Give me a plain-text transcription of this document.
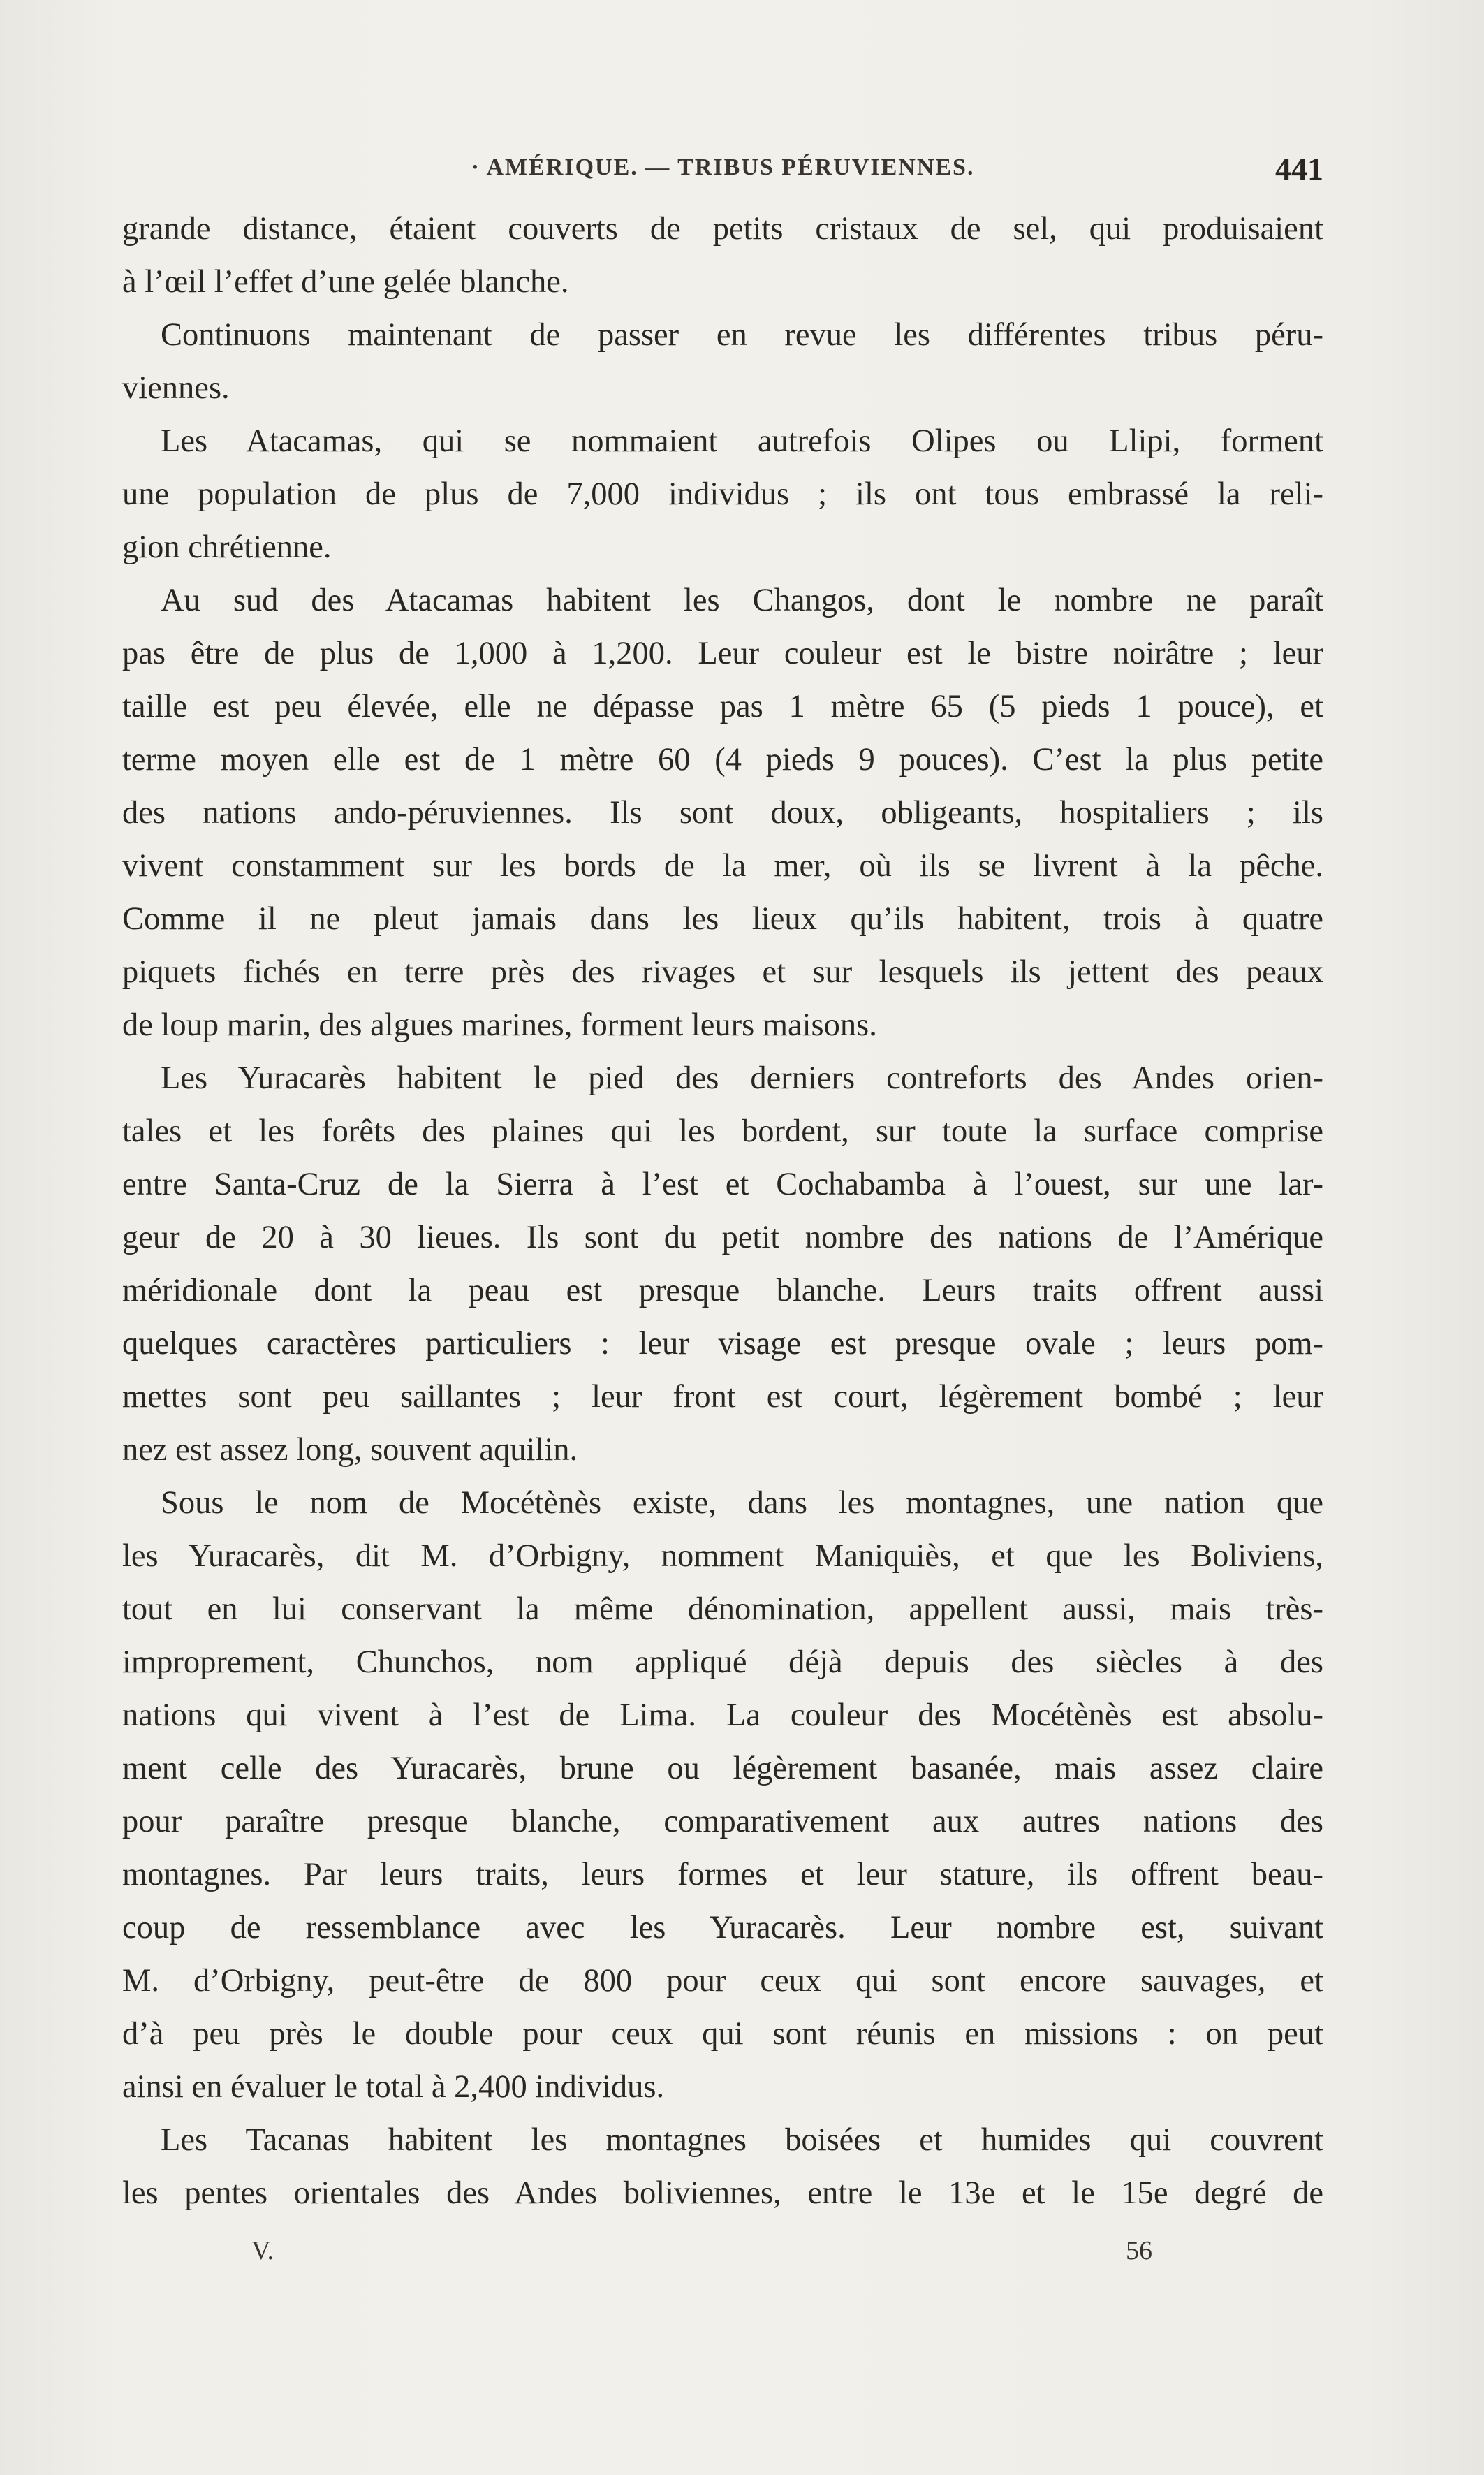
· AMÉRIQUE. — TRIBUS PÉRUVIENNES.	441
grande distance, étaient couverts de petits cristaux de sel, qui produisaient
à l’œil l’effet d’une gelée blanche.
Continuons maintenant de passer en revue les différentes tribus péru-
viennes.
Les Atacamas, qui se nommaient autrefois Olipes ou Llipi, forment
une population de plus de 7,000 individus ; ils ont tous embrassé la reli-
gion chrétienne.
Au sud des Atacamas habitent les Changos, dont le nombre ne paraît
pas être de plus de 1,000 à 1,200. Leur couleur est le bistre noirâtre ; leur
taille est peu élevée, elle ne dépasse pas 1 mètre 65 (5 pieds 1 pouce), et
terme moyen elle est de 1 mètre 60 (4 pieds 9 pouces). C’est la plus petite
des nations ando-péruviennes. Ils sont doux, obligeants, hospitaliers ; ils
vivent constamment sur les bords de la mer, où ils se livrent à la pêche.
Comme il ne pleut jamais dans les lieux qu’ils habitent, trois à quatre
piquets fichés en terre près des rivages et sur lesquels ils jettent des peaux
de loup marin, des algues marines, forment leurs maisons.
Les Yuracarès habitent le pied des derniers contreforts des Andes orien-
tales et les forêts des plaines qui les bordent, sur toute la surface comprise
entre Santa-Cruz de la Sierra à l’est et Cochabamba à l’ouest, sur une lar-
geur de 20 à 30 lieues. Ils sont du petit nombre des nations de l’Amérique
méridionale dont la peau est presque blanche. Leurs traits offrent aussi
quelques caractères particuliers : leur visage est presque ovale ; leurs pom-
mettes sont peu saillantes ; leur front est court, légèrement bombé ; leur
nez est assez long, souvent aquilin.
Sous le nom de Mocétènès existe, dans les montagnes, une nation que
les Yuracarès, dit M. d’Orbigny, nomment Maniquiès, et que les Boliviens,
tout en lui conservant la même dénomination, appellent aussi, mais très-
improprement, Chunchos, nom appliqué déjà depuis des siècles à des
nations qui vivent à l’est de Lima. La couleur des Mocétènès est absolu-
ment celle des Yuracarès, brune ou légèrement basanée, mais assez claire
pour paraître presque blanche, comparativement aux autres nations des
montagnes. Par leurs traits, leurs formes et leur stature, ils offrent beau-
coup de ressemblance avec les Yuracarès. Leur nombre est, suivant
M. d’Orbigny, peut-être de 800 pour ceux qui sont encore sauvages, et
d’à peu près le double pour ceux qui sont réunis en missions : on peut
ainsi en évaluer le total à 2,400 individus.
Les Tacanas habitent les montagnes boisées et humides qui couvrent
les pentes orientales des Andes boliviennes, entre le 13e et le 15e degré de
V.	56
